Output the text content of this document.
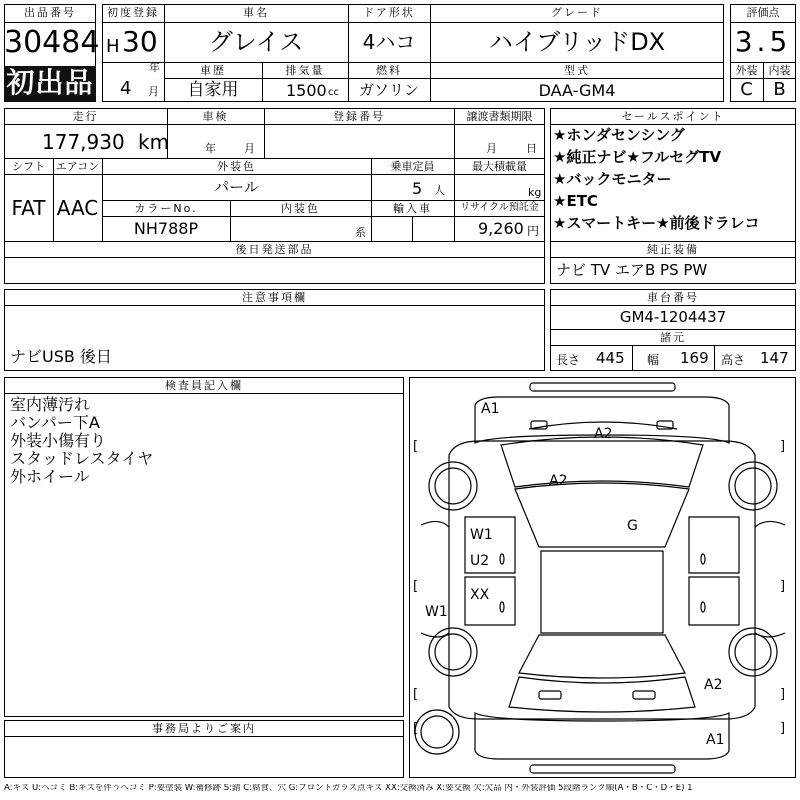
出品番号
30484
初出品
初度登録
H 30
年
4 月
車名
グレイス
ドア形状
4ハコ
グレード
ハイブリッドDX
車歴
自家用
排気量
1500 cc
燃料
ガソリン
型式
DAA-GM4
評価点
3.5
外装	内装
C	B
走行
177,930 km
車検
年	月
登録番号	譲渡書類期限
月	日
シフト エアコン
FAT AAC
外装色
パール
乗車定員
5 人
最大積載量
kg
カラーNo.
NH788P
内装色
系
輸入車	リサイクル預託金
9,260 円
後日発送部品
セールスポイント
★ホンダセンシング
★純正ナビ★フルセグTV
★バックモニター
★ETC
★スマートキー★前後ドラレコ
純正装備
ナビ TV エアB PS PW
注意事項欄
ナビUSB 後日
車台番号
GM4-1204437
諸元
長さ 445 幅 169 高さ 147
検査員記入欄
室内薄汚れ
バンパー下A
外装小傷有り
スタッドレスタイヤ
外ホイール
事務局よりご案内
A1
A2
A2
W1
U2
G
XX
W1
A2
A1
[	]
[	]
[	]
[	]
A:キズ U:ヘコミ B:キズを伴うヘコミ P:要塗装 W:補修跡 S:錆 C:腐食、穴 G:フロントガラス点キズ XX:交換済み X:要交換 欠:欠品 内・外装評価 5段階ランク順(A・B・C・D・E) 1
